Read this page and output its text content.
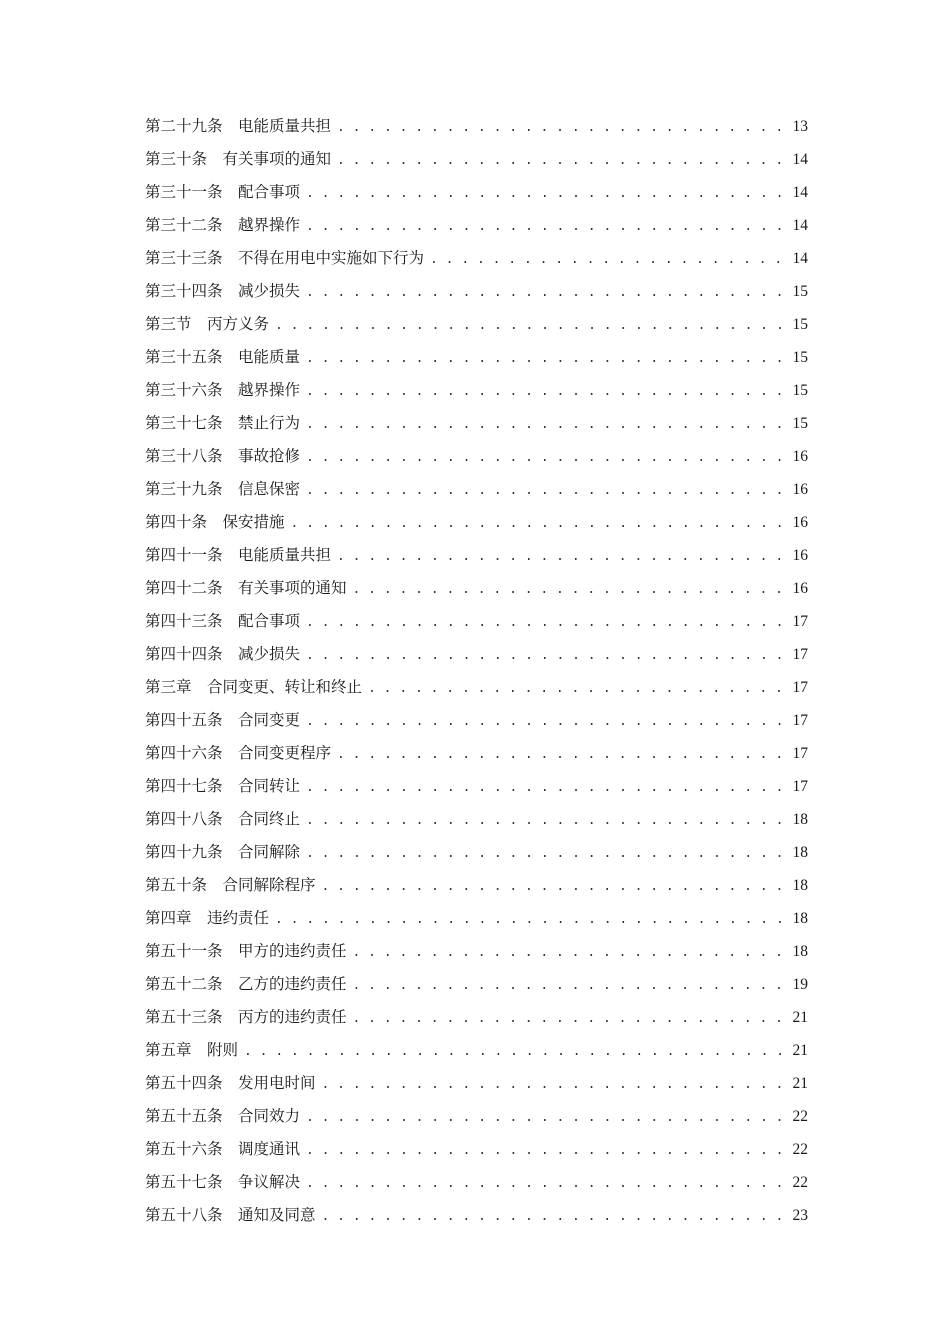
第二十九条 电能质量共担 . . .	13
第三十条 有关事项的通知 . . .	14
第三十一条 配合事项 . . .	14
第三十二条 越界操作 . . .	14
第三十三条 不得在用电中实施如下行为 . . .	14
第三十四条 减少损失 . . .	15
第三节 丙方义务 . . .	15
第三十五条 电能质量 . . .	15
第三十六条 越界操作 . . .	15
第三十七条 禁止行为 . . .	15
第三十八条 事故抢修 . . .	16
第三十九条 信息保密 . . .	16
第四十条 保安措施 . . .	16
第四十一条 电能质量共担 . . .	16
第四十二条 有关事项的通知 . . .	16
第四十三条 配合事项 . . .	17
第四十四条 减少损失 . . .	17
第三章 合同变更、转让和终止 . . .	17
第四十五条 合同变更 . . .	17
第四十六条 合同变更程序 . . .	17
第四十七条 合同转让 . . .	17
第四十八条 合同终止 . . .	18
第四十九条 合同解除 . . .	18
第五十条 合同解除程序 . . .	18
第四章 违约责任 . . .	18
第五十一条 甲方的违约责任 . . .	18
第五十二条 乙方的违约责任 . . .	19
第五十三条 丙方的违约责任 . . .	21
第五章 附则 . . .	21
第五十四条 发用电时间 . . .	21
第五十五条 合同效力 . . .	22
第五十六条 调度通讯 . . .	22
第五十七条 争议解决 . . .	22
第五十八条 通知及同意 . . .	23
